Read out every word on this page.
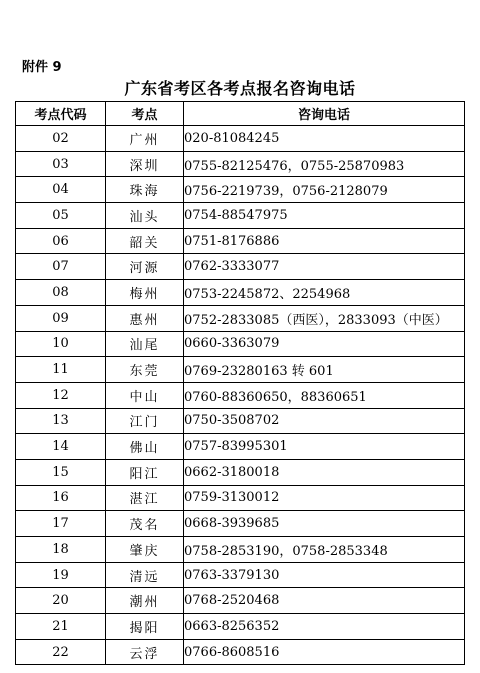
附件 9
广东省考区各考点报名咨询电话
考点代码	考点	咨询电话
02	广州	020-81084245
03	深圳	0755-82125476，0755-25870983
04	珠海	0756-2219739，0756-2128079
05	汕头	0754-88547975
06	韶关	0751-8176886
07	河源	0762-3333077
08	梅州	0753-2245872、2254968
09	惠州	0752-2833085（西医），2833093（中医）
10	汕尾	0660-3363079
11	东莞	0769-23280163 转 601
12	中山	0760-88360650，88360651
13	江门	0750-3508702
14	佛山	0757-83995301
15	阳江	0662-3180018
16	湛江	0759-3130012
17	茂名	0668-3939685
18	肇庆	0758-2853190，0758-2853348
19	清远	0763-3379130
20	潮州	0768-2520468
21	揭阳	0663-8256352
22	云浮	0766-8608516
